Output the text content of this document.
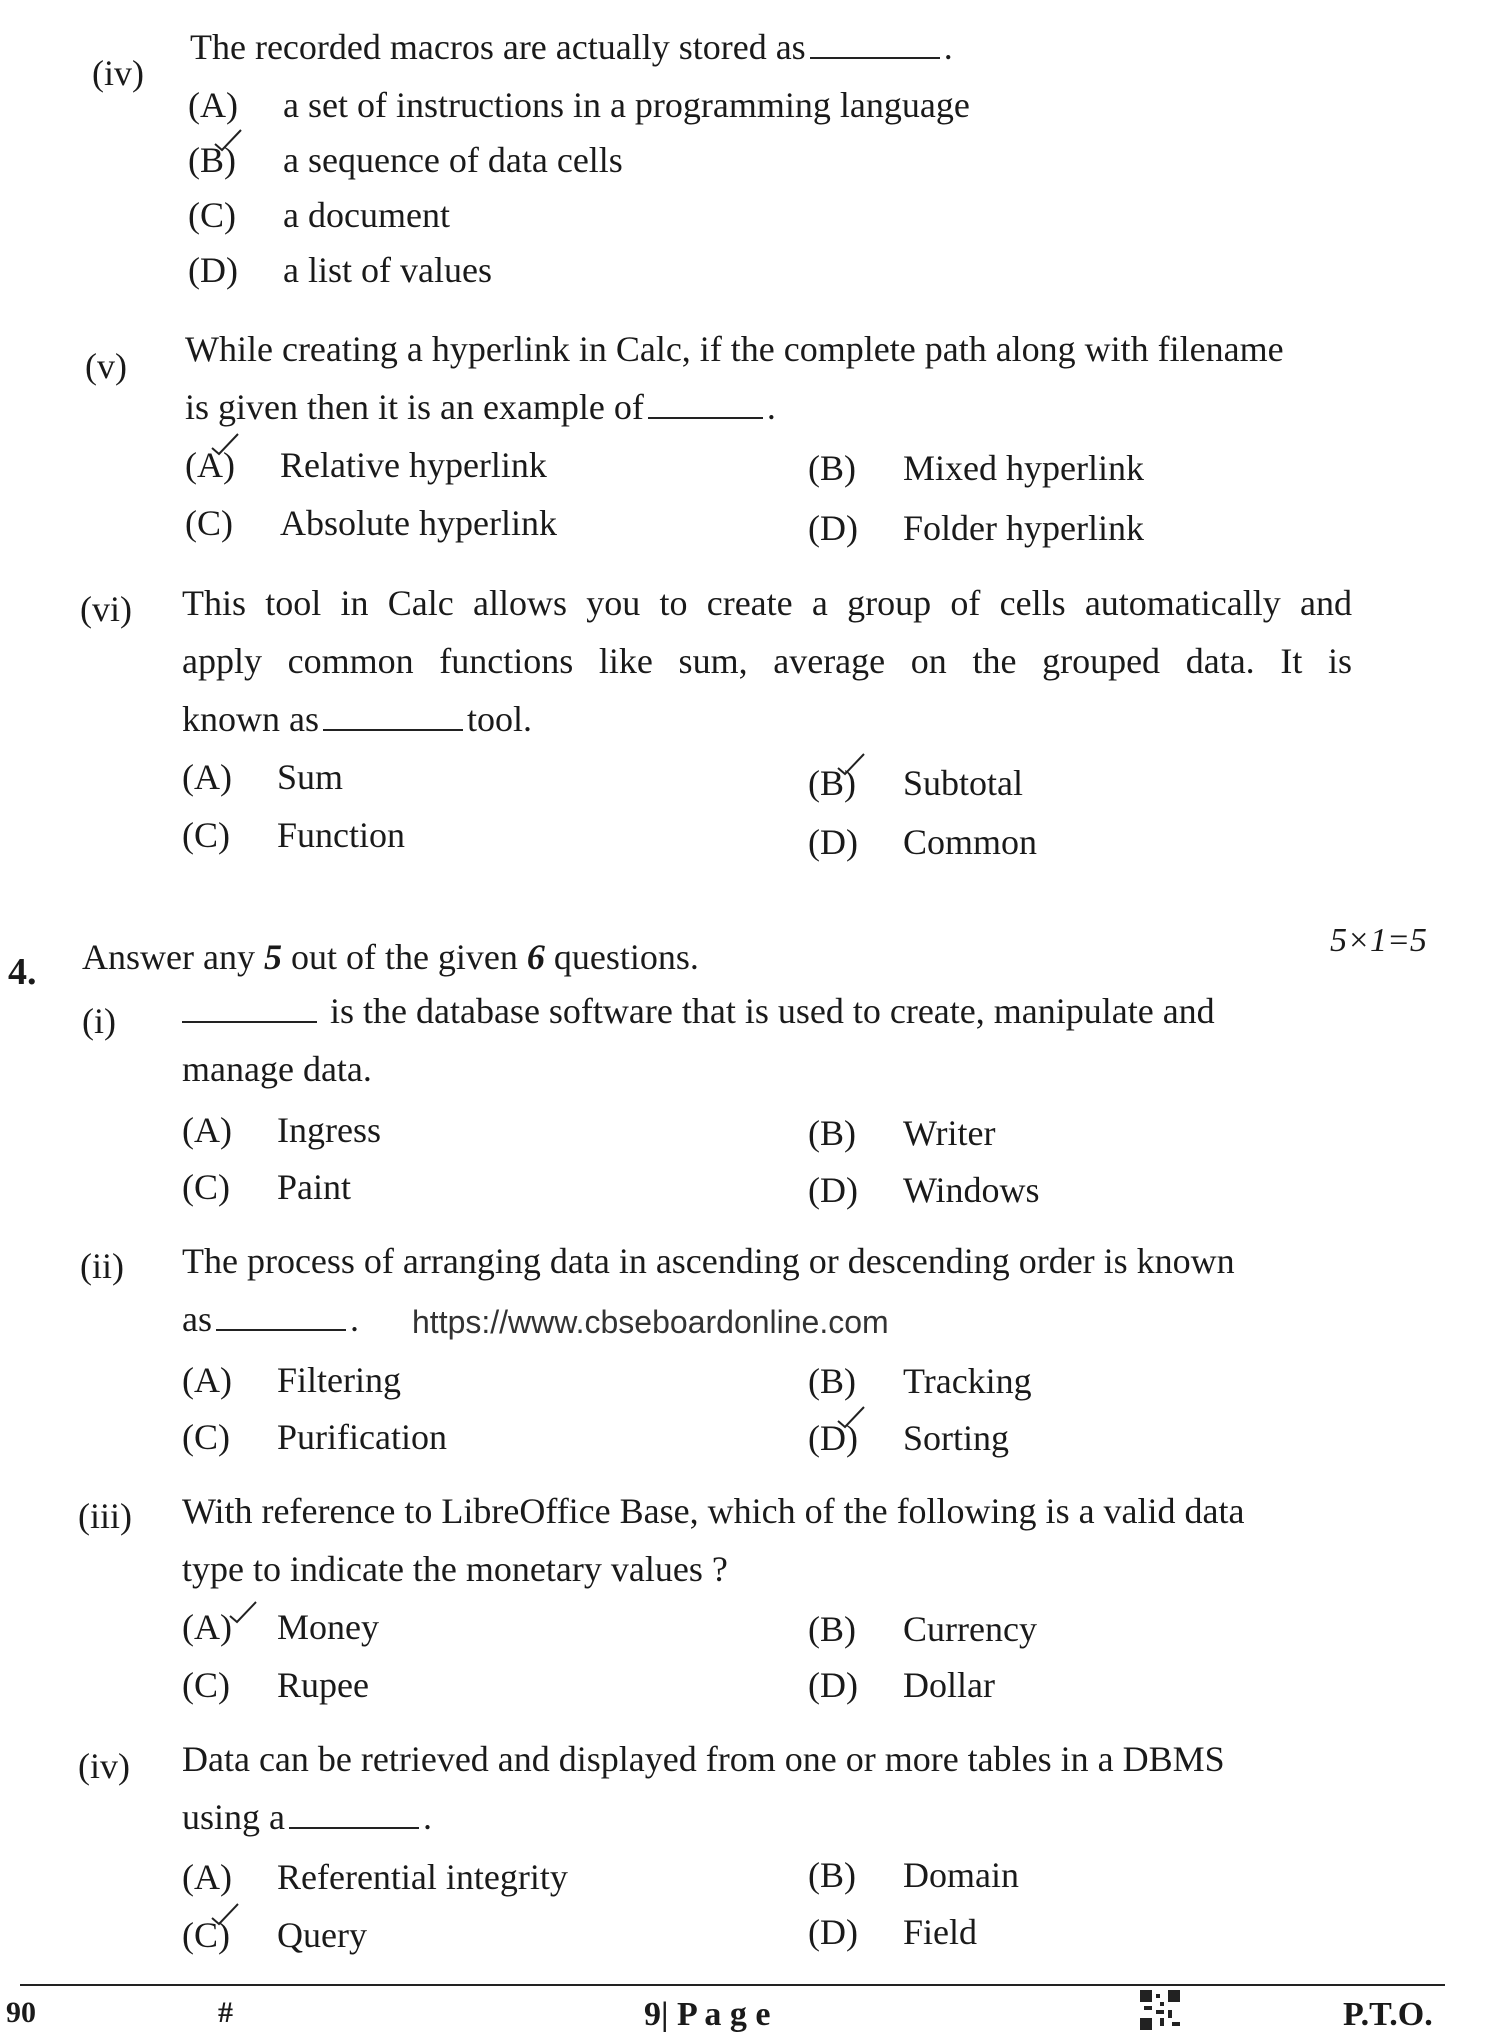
(iv)
The recorded macros are actually stored as	.
(A) a set of instructions in a programming language
(B) a sequence of data cells
(C) a document
(D) a list of values
(v) While creating a hyperlink in Calc, if the complete path along with filename
is given then it is an example of	.
(A) Relative hyperlink	(B) Mixed hyperlink
(C) Absolute hyperlink	(D) Folder hyperlink
(vi) This tool in Calc allows you to create a group of cells automatically and
apply common functions like sum, average on the grouped data. It is
known as	tool.
(A) Sum	(B) Subtotal
(C) Function	(D) Common
4. Answer any 5 out of the given 6 questions.	5×1=5
(i)	is the database software that is used to create, manipulate and
manage data.
(A) Ingress	(B) Writer
(C) Paint	(D) Windows
(ii) The process of arranging data in ascending or descending order is known
as	.	https://www.cbseboardonline.com
(A) Filtering	(B) Tracking
(C) Purification	(D) Sorting
(iii) With reference to LibreOffice Base, which of the following is a valid data
type to indicate the monetary values ?
(A) Money	(B) Currency
(C) Rupee	(D) Dollar
(iv) Data can be retrieved and displayed from one or more tables in a DBMS
using a	.
(A) Referential integrity	(B) Domain
(C) Query	(D) Field
90	#	9| P a g e	P.T.O.
